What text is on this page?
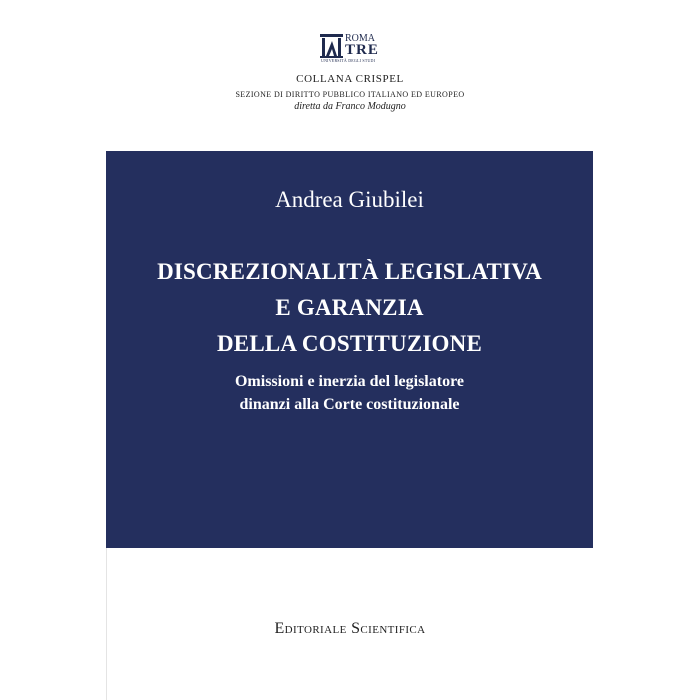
ROMA
TRE
UNIVERSITÀ DEGLI STUDI
COLLANA CRISPEL
SEZIONE DI DIRITTO PUBBLICO ITALIANO ED EUROPEO
diretta da Franco Modugno
Andrea Giubilei
DISCREZIONALITÀ LEGISLATIVA
E GARANZIA
DELLA COSTITUZIONE
Omissioni e inerzia del legislatore
dinanzi alla Corte costituzionale
Editoriale Scientifica
